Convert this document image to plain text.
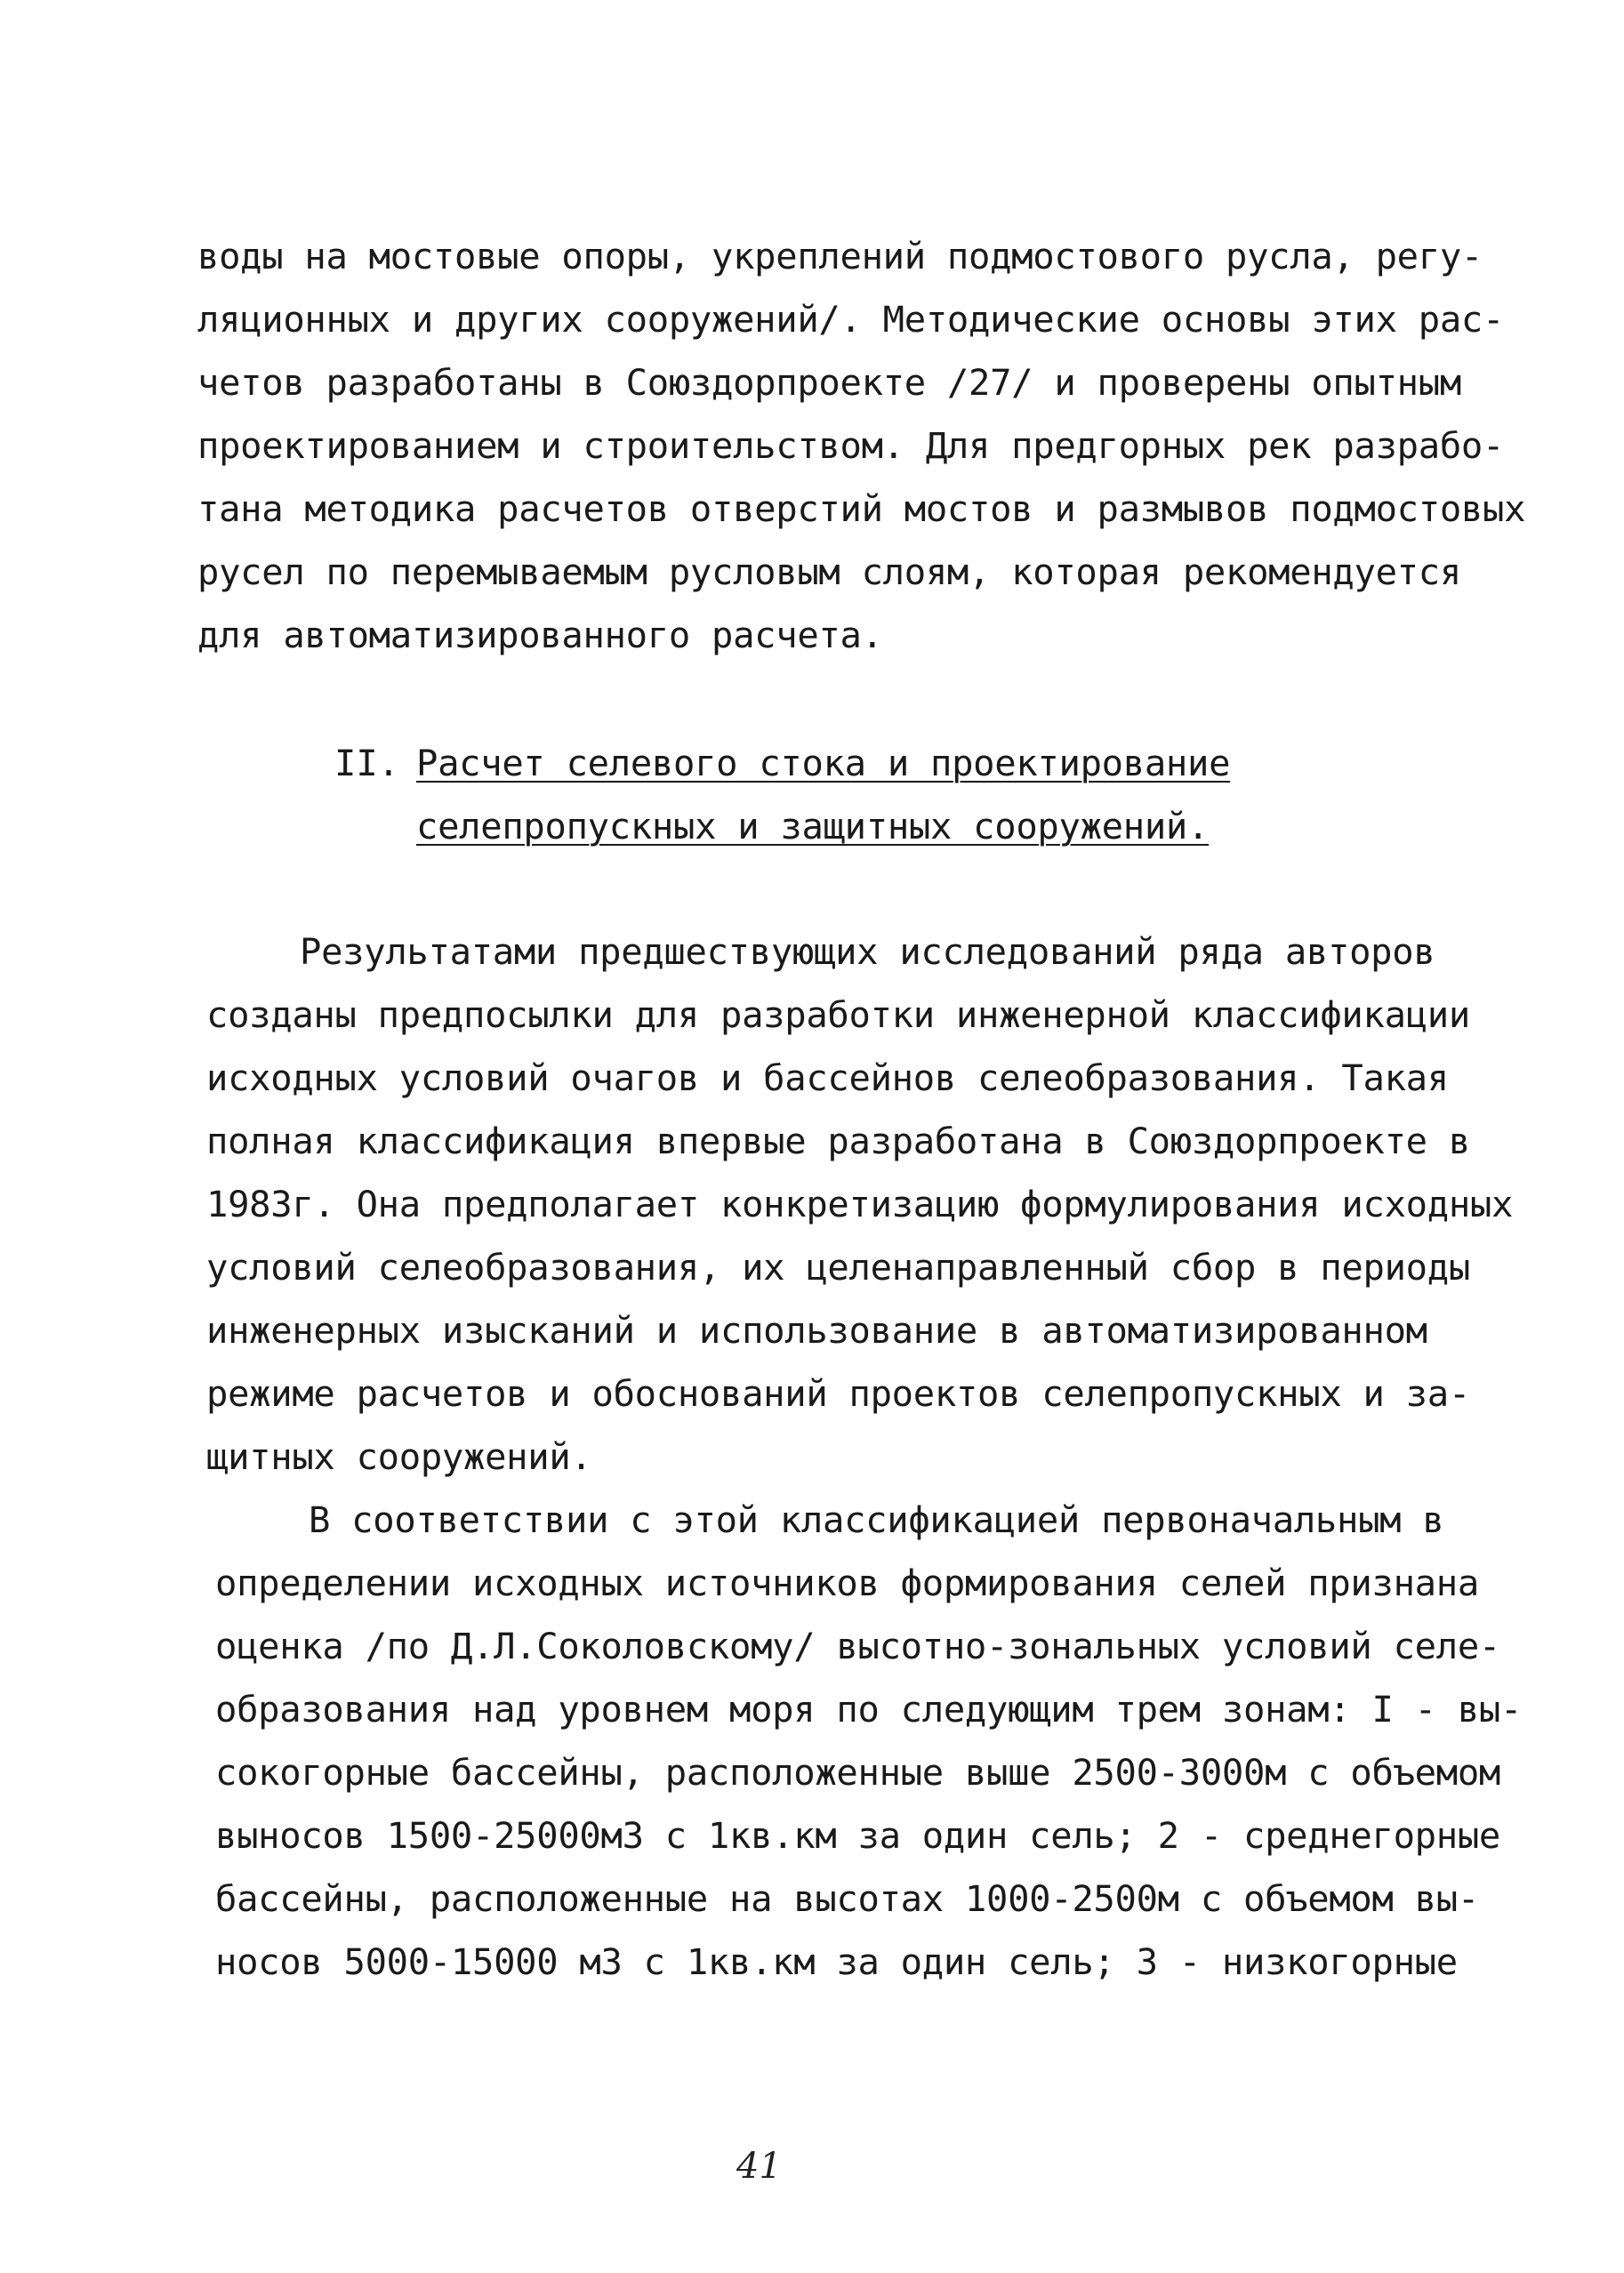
воды на мостовые опоры, укреплений подмостового русла, регу-
ляционных и других сооружений/. Методические основы этих рас-
четов разработаны в Союздорпроекте /27/ и проверены опытным
проектированием и строительством. Для предгорных рек разрабо-
тана методика расчетов отверстий мостов и размывов подмостовых
русел по перемываемым русловым слоям, которая рекомендуется
для автоматизированного расчета.
II. Расчет селевого стока и проектирование
селепропускных и защитных сооружений.
Результатами предшествующих исследований ряда авторов
созданы предпосылки для разработки инженерной классификации
исходных условий очагов и бассейнов селеобразования. Такая
полная классификация впервые разработана в Союздорпроекте в
1983г. Она предполагает конкретизацию формулирования исходных
условий селеобразования, их целенаправленный сбор в периоды
инженерных изысканий и использование в автоматизированном
режиме расчетов и обоснований проектов селепропускных и за-
щитных сооружений.
В соответствии с этой классификацией первоначальным в
определении исходных источников формирования селей признана
оценка /по Д.Л.Соколовскому/ высотно-зональных условий селе-
образования над уровнем моря по следующим трем зонам: I - вы-
сокогорные бассейны, расположенные выше 2500-3000м с объемом
выносов 1500-25000м3 с 1кв.км за один сель; 2 - среднегорные
бассейны, расположенные на высотах 1000-2500м с объемом вы-
носов 5000-15000 м3 с 1кв.км за один сель; 3 - низкогорные
41
